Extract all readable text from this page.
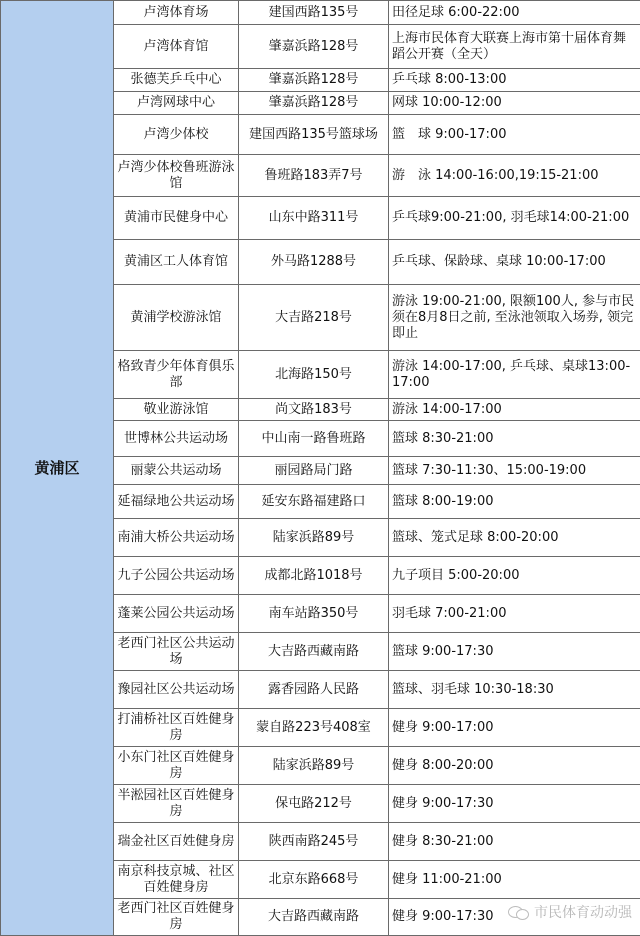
黄浦区	卢湾体育场	建国西路135号	田径足球 6:00-22:00
	卢湾体育馆	肇嘉浜路128号	上海市民体育大联赛上海市第十届体育舞蹈公开赛（全天）
	张德芙乒乓中心	肇嘉浜路128号	乒乓球 8:00-13:00
	卢湾网球中心	肇嘉浜路128号	网球 10:00-12:00
	卢湾少体校	建国西路135号篮球场	篮　球 9:00-17:00
	卢湾少体校鲁班游泳馆	鲁班路183弄7号	游　泳 14:00-16:00,19:15-21:00
	黄浦市民健身中心	山东中路311号	乒乓球9:00-21:00, 羽毛球14:00-21:00
	黄浦区工人体育馆	外马路1288号	乒乓球、保龄球、桌球 10:00-17:00
	黄浦学校游泳馆	大吉路218号	游泳 19:00-21:00, 限额100人, 参与市民须在8月8日之前, 至泳池领取入场券, 领完即止
	格致青少年体育俱乐部	北海路150号	游泳 14:00-17:00, 乒乓球、桌球13:00-17:00
	敬业游泳馆	尚文路183号	游泳 14:00-17:00
	世博林公共运动场	中山南一路鲁班路	篮球 8:30-21:00
	丽蒙公共运动场	丽园路局门路	篮球 7:30-11:30、15:00-19:00
	延福绿地公共运动场	延安东路福建路口	篮球 8:00-19:00
	南浦大桥公共运动场	陆家浜路89号	篮球、笼式足球 8:00-20:00
	九子公园公共运动场	成都北路1018号	九子项目 5:00-20:00
	蓬莱公园公共运动场	南车站路350号	羽毛球 7:00-21:00
	老西门社区公共运动场	大吉路西藏南路	篮球 9:00-17:30
	豫园社区公共运动场	露香园路人民路	篮球、羽毛球 10:30-18:30
	打浦桥社区百姓健身房	蒙自路223号408室	健身 9:00-17:00
	小东门社区百姓健身房	陆家浜路89号	健身 8:00-20:00
	半淞园社区百姓健身房	保屯路212号	健身 9:00-17:30
	瑞金社区百姓健身房	陕西南路245号	健身 8:30-21:00
	南京科技京城、社区百姓健身房	北京东路668号	健身 11:00-21:00
	老西门社区百姓健身房	大吉路西藏南路	健身 9:00-17:30	市民体育动动强
